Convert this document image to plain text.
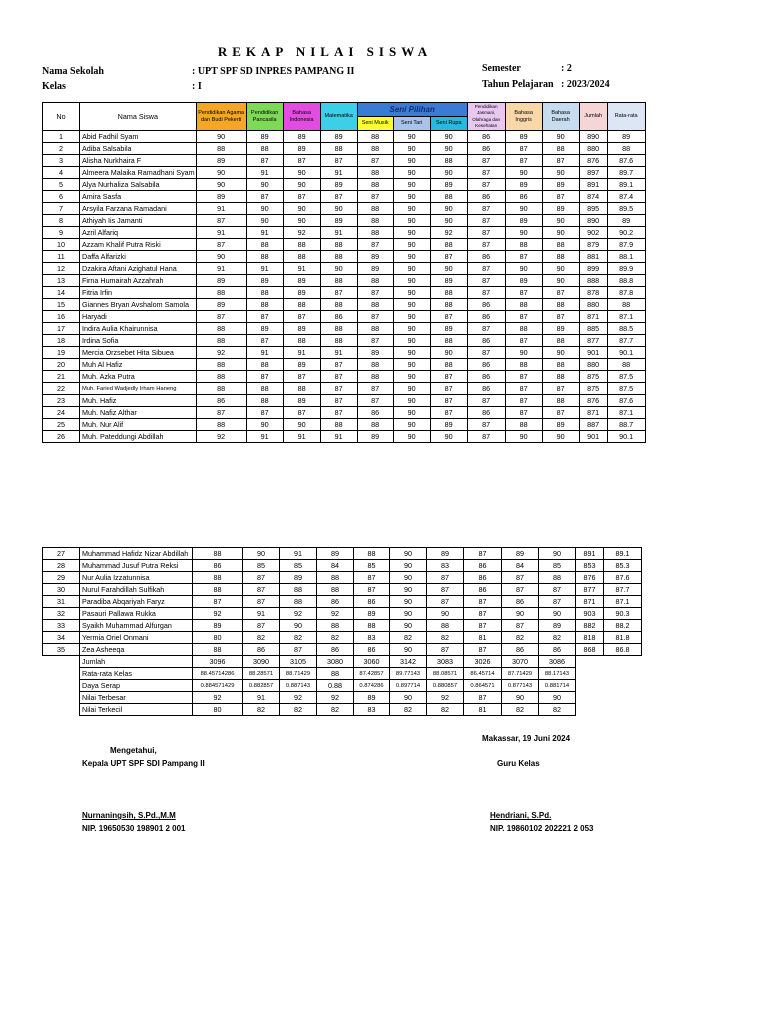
REKAP NILAI SISWA
Nama Sekolah	: UPT SPF SD INPRES PAMPANG II
Kelas	: I
Semester	: 2
Tahun Pelajaran : 2023/2024
No	Nama Siswa	Pendidikan Agama dan Budi Pekerti	Pendidikan Pancasila	Bahasa Indonesia	Matematika	Seni Pilihan			Pendidikan Jasmani, Olahraga dan Kesehatan	Bahasa Inggris	Bahasa Daerah	Jumlah	Rata-rata
						Seni Musik	Seni Tari	Seni Rupa					
1	Abid Fadhil Syam	90	89	89	89	88	90	90	86	89	90	890	89
2	Adiba Salsabila	88	88	89	88	88	90	90	86	87	88	880	88
3	Alisha Nurkhaira F	89	87	87	87	87	90	88	87	87	87	876	87.6
4	Almeera Malaika Ramadhani Syam	90	91	90	91	88	90	90	87	90	90	897	89.7
5	Alya Nurhaliza Salsabila	90	90	90	89	88	90	89	87	89	89	891	89.1
6	Amira Sasfa	89	87	87	87	87	90	88	86	86	87	874	87.4
7	Arsyila Farzana Ramadani	91	90	90	90	88	90	90	87	90	89	895	89.5
8	Athiyah Iis Jamanti	87	90	90	89	88	90	90	87	89	90	890	89
9	Azril Alfariq	91	91	92	91	88	90	92	87	90	90	902	90.2
10	Azzam Khalif Putra Riski	87	88	88	88	87	90	88	87	88	88	879	87.9
11	Daffa Alfarizki	90	88	88	88	89	90	87	86	87	88	881	88.1
12	Dzakira Aftani Azighatul Hana	91	91	91	90	89	90	90	87	90	90	899	89.9
13	Firna Humairah Azzahrah	89	89	89	88	88	90	89	87	89	90	888	88.8
14	Fitria Irfin	88	88	89	87	87	90	88	87	87	87	878	87.8
15	Giannes Bryan Avshalom Samola	89	88	88	88	88	90	88	86	88	88	880	88
16	Haryadi	87	87	87	86	87	90	87	86	87	87	871	87.1
17	Indira Aulia Khairunnisa	88	89	89	88	88	90	89	87	88	89	885	88.5
18	Irdina Sofia	88	87	88	88	87	90	88	86	87	88	877	87.7
19	Mercia Orzsebet Hita Sibuea	92	91	91	91	89	90	90	87	90	90	901	90.1
20	Muh Al Hafiz	88	88	89	87	88	90	88	86	88	88	880	88
21	Muh. Azka Putra	88	87	87	87	88	90	87	86	87	88	875	87.5
22	Muh. Faried Wadjedly Irham Haneng	88	88	88	87	87	90	87	86	87	87	875	87.5
23	Muh. Hafiz	86	88	89	87	87	90	87	87	87	88	876	87.6
24	Muh. Nafiz Althar	87	87	87	87	86	90	87	86	87	87	871	87.1
25	Muh. Nur Alif	88	90	90	88	88	90	89	87	88	89	887	88.7
26	Muh. Pateddungi Abdillah	92	91	91	91	89	90	90	87	90	90	901	90.1
27	Muhammad Hafidz Nizar Abdillah	88	90	91	89	88	90	89	87	89	90	891	89.1
28	Muhammad Jusuf Putra Reksi	86	85	85	84	85	90	83	86	84	85	853	85.3
29	Nur Aulia Izzatunnisa	88	87	89	88	87	90	87	86	87	88	876	87.6
30	Nurul Farahdillah Sulfikah	88	87	88	88	87	90	87	86	87	87	877	87.7
31	Paradiba Abqariyah Faryz	87	87	88	86	86	90	87	87	86	87	871	87.1
32	Pasauri Pallawa Rukka	92	91	92	92	89	90	90	87	90	90	903	90.3
33	Syaikh Muhammad Alfurgan	89	87	90	88	88	90	88	87	87	89	882	88.2
34	Yermia Oriel Onmani	80	82	82	82	83	82	82	81	82	82	818	81.8
35	Zea Asheeqa	88	86	87	86	86	90	87	87	86	86	868	86.8
	Jumlah	3096	3090	3105	3080	3060	3142	3083	3026	3070	3086		
	Rata-rata Kelas	88.45714286	88.28571	88.71429	88	87.42857	89.77143	88.08571	86.45714	87.71429	88.17143		
	Daya Serap	0.884571429	0.882857	0.887143	0.88	0.874286	0.897714	0.880857	0.864571	0.877143	0.881714		
	Nilai Terbesar	92	91	92	92	89	90	92	87	90	90		
	Nilai Terkecil	80	82	82	82	83	82	82	81	82	82		
Makassar, 19 Juni 2024
Mengetahui,
Kepala UPT SPF SDI Pampang II	Guru Kelas
Nurnaningsih, S.Pd.,M.M
NIP. 19650530 198901 2 001
Hendriani, S.Pd.
NIP. 19860102 202221 2 053
